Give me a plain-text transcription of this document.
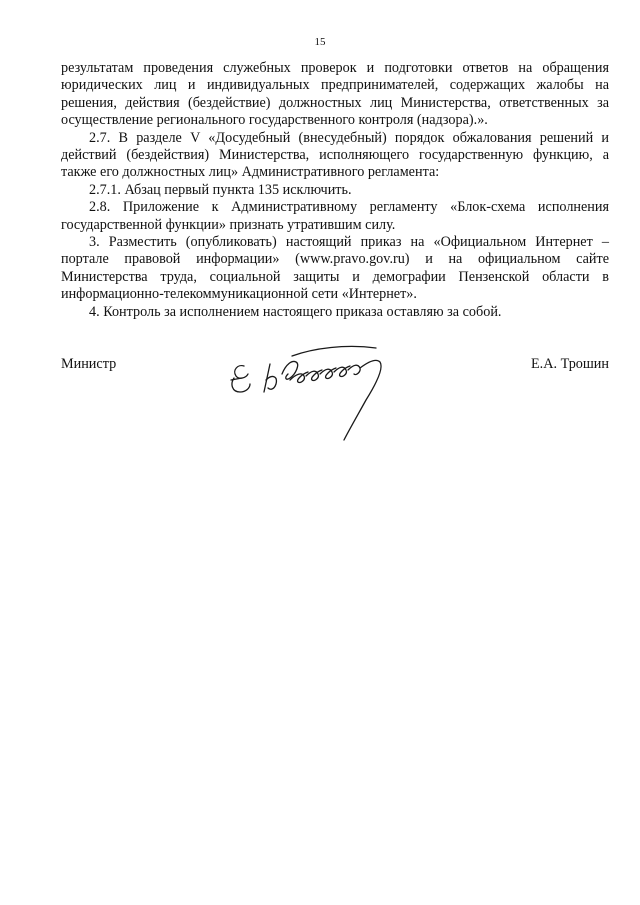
15

результатам проведения служебных проверок и подготовки ответов на обращения юридических лиц и индивидуальных предпринимателей, содержащих жалобы на решения, действия (бездействие) должностных лиц Министерства, ответственных за осуществление регионального государственного контроля (надзора).».

2.7. В разделе V «Досудебный (внесудебный) порядок обжалования решений и действий (бездействия) Министерства, исполняющего государственную функцию, а также его должностных лиц» Административного регламента:

2.7.1. Абзац первый пункта 135 исключить.

2.8. Приложение к Административному регламенту «Блок-схема исполнения государственной функции» признать утратившим силу.

3. Разместить (опубликовать) настоящий приказ на «Официальном Интернет – портале правовой информации» (www.pravo.gov.ru) и на официальном сайте Министерства труда, социальной защиты и демографии Пензенской области в информационно-телекоммуникационной сети «Интернет».

4. Контроль за исполнением настоящего приказа оставляю за собой.

Министр	Е.А. Трошин
